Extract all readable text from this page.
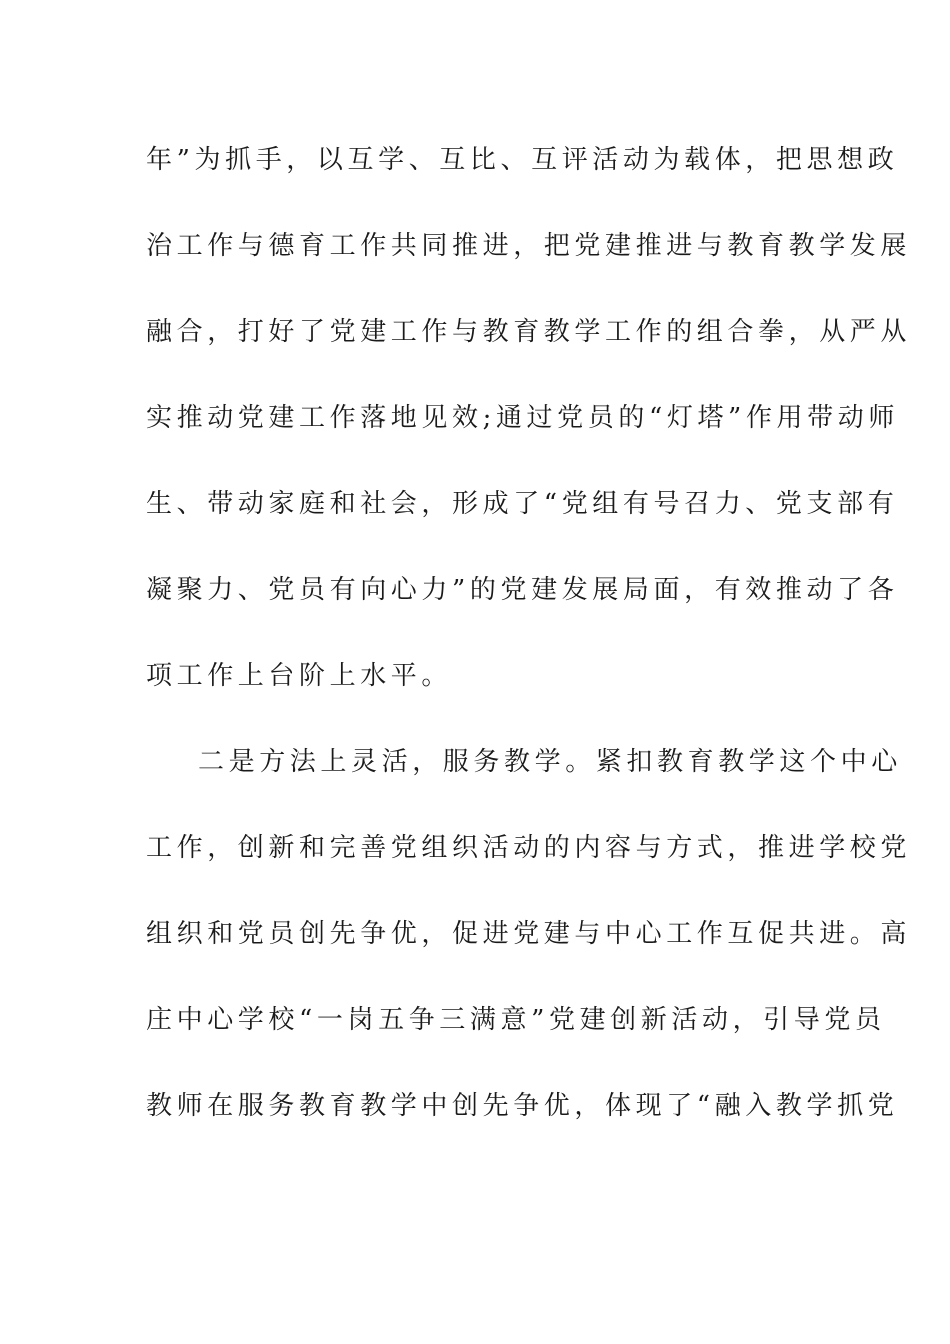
年”为抓手，以互学、互比、互评活动为载体，把思想政
治工作与德育工作共同推进，把党建推进与教育教学发展
融合，打好了党建工作与教育教学工作的组合拳，从严从
实推动党建工作落地见效;通过党员的“灯塔”作用带动师
生、带动家庭和社会，形成了“党组有号召力、党支部有
凝聚力、党员有向心力”的党建发展局面，有效推动了各
项工作上台阶上水平。
二是方法上灵活，服务教学。紧扣教育教学这个中心
工作，创新和完善党组织活动的内容与方式，推进学校党
组织和党员创先争优，促进党建与中心工作互促共进。高
庄中心学校“一岗五争三满意”党建创新活动，引导党员
教师在服务教育教学中创先争优，体现了“融入教学抓党
